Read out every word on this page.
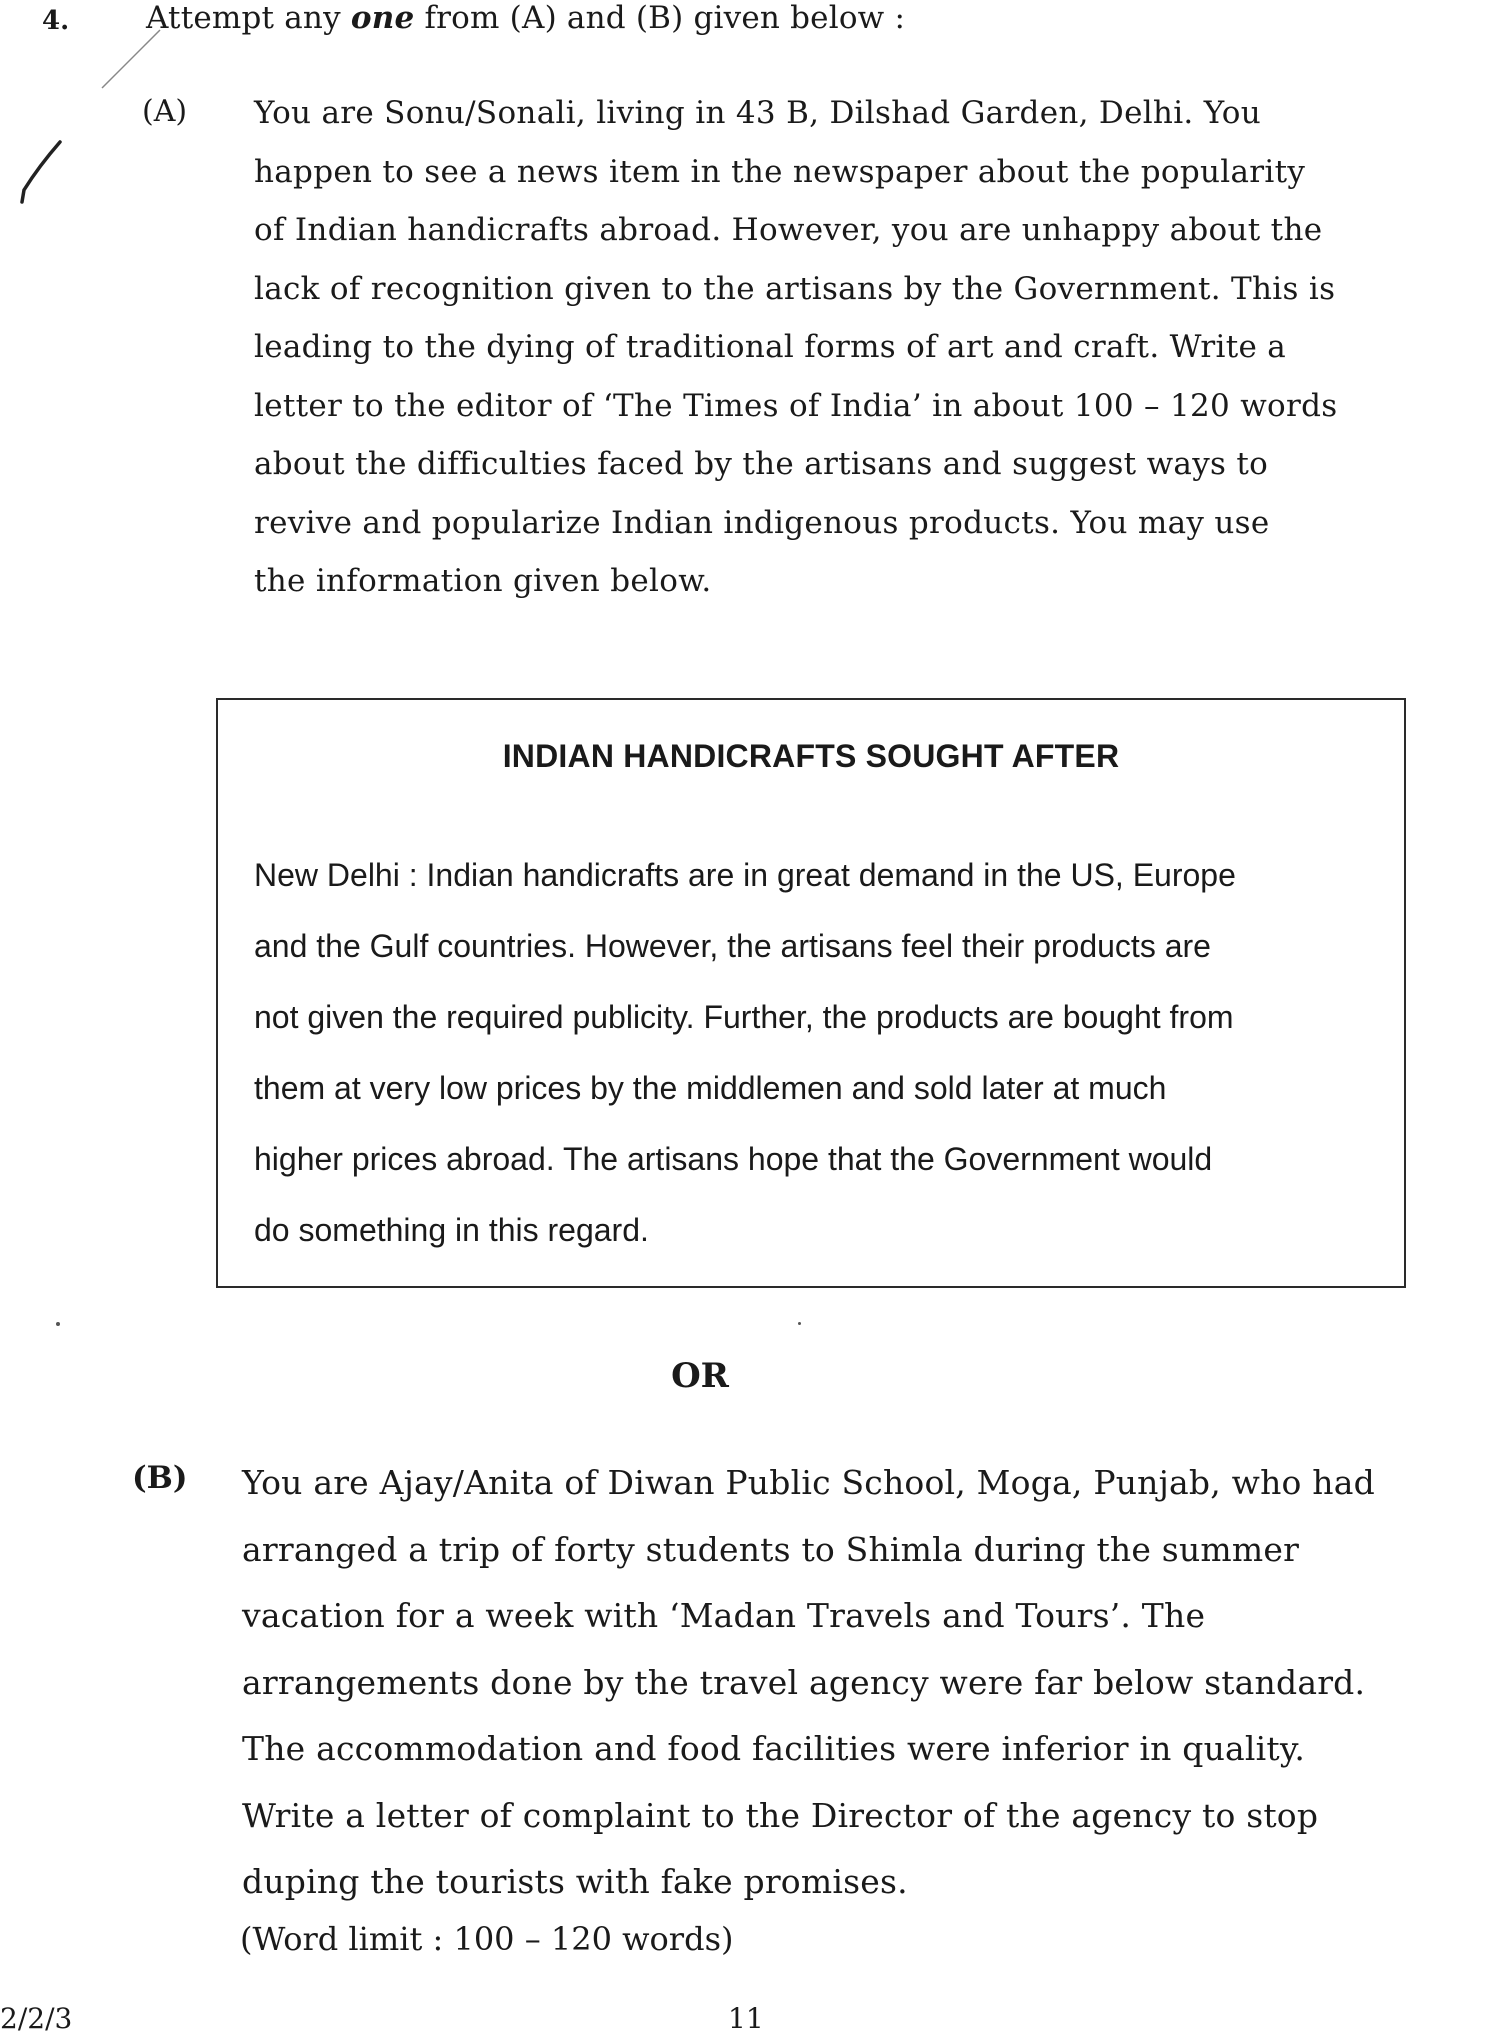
4. Attempt any one from (A) and (B) given below :
(A) You are Sonu/Sonali, living in 43 B, Dilshad Garden, Delhi. You
happen to see a news item in the newspaper about the popularity
of Indian handicrafts abroad. However, you are unhappy about the
lack of recognition given to the artisans by the Government. This is
leading to the dying of traditional forms of art and craft. Write a
letter to the editor of ‘The Times of India’ in about 100 – 120 words
about the difficulties faced by the artisans and suggest ways to
revive and popularize Indian indigenous products. You may use
the information given below.
INDIAN HANDICRAFTS SOUGHT AFTER
New Delhi : Indian handicrafts are in great demand in the US, Europe
and the Gulf countries. However, the artisans feel their products are
not given the required publicity. Further, the products are bought from
them at very low prices by the middlemen and sold later at much
higher prices abroad. The artisans hope that the Government would
do something in this regard.
OR
(B) You are Ajay/Anita of Diwan Public School, Moga, Punjab, who had
arranged a trip of forty students to Shimla during the summer
vacation for a week with ‘Madan Travels and Tours’. The
arrangements done by the travel agency were far below standard.
The accommodation and food facilities were inferior in quality.
Write a letter of complaint to the Director of the agency to stop
duping the tourists with fake promises.
(Word limit : 100 – 120 words)
2/2/3	11
